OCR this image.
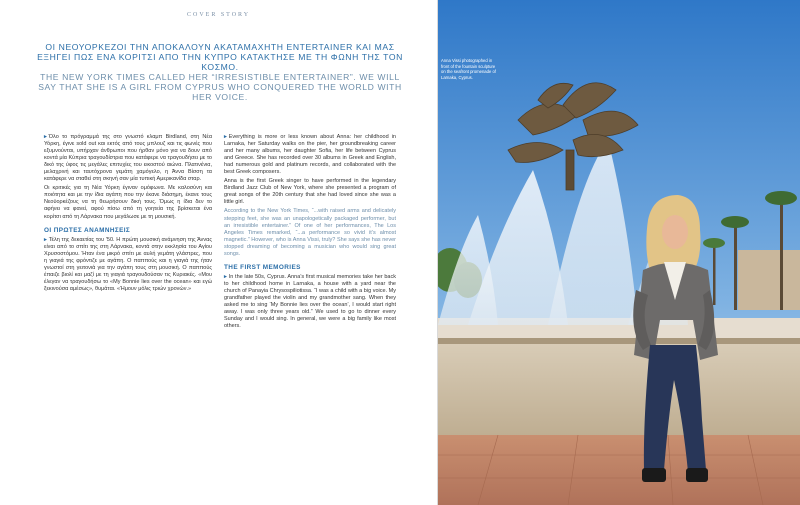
COVER STORY
ΟΙ ΝΕΟΥΟΡΚΕΖΟΙ ΤΗΝ ΑΠΟΚΑΛΟΥΝ ΑΚΑΤΑΜΑΧΗΤΗ ENTERTAINER ΚΑΙ ΜΑΣ ΕΞΗΓΕΙ ΠΩΣ ΕΝΑ ΚΟΡΙΤΣΙ ΑΠΟ ΤΗΝ ΚΥΠΡΟ ΚΑΤΑΚΤΗΣΕ ΜΕ ΤΗ ΦΩΝΗ ΤΗΣ ΤΟΝ ΚΟΣΜΟ.
THE NEW YORK TIMES CALLED HER “IRRESISTIBLE ENTERTAINER”. WE WILL SAY THAT SHE IS A GIRL FROM CYPRUS WHO CONQUERED THE WORLD WITH HER VOICE.

▸ Όλο το πρόγραμμά της στο γνωστό κλαμπ Birdland, στη Νέα Υόρκη, έγινε sold out και εκτός από τους μπλουζ και τις φωνές που εξυμνούνται, υπήρχαν άνθρωποι που ήρθαν μόνο για να δουν από κοντά μία Κύπρια τραγουδίστρια που κατάφερε να τραγουδήσει με το δικό της ύφος τις μεγάλες επιτυχίες του εικοστού αιώνα. Πλατινένια, μελαχρινή και ταυτόχρονα γεμάτη χαμόγελο, η Άννα Βίσση τα κατάφερε να σταθεί στη σκηνή σαν μία τυπική Αμερικανίδα σταρ.

Οι κριτικές για τη Νέα Υόρκη έγιναν ομόφωνα. Με καλοσύνη και ποιότητα και με την ίδια αγάπη που την έκανε διάσημη, έκανε τους Νεοϋορκέζους να τη θεωρήσουν δική τους. Όμως η ίδια δεν το αφήνει να φανεί, αφού πίσω από τη γοητεία της βρίσκεται ένα κορίτσι από τη Λάρνακα που μεγάλωσε με τη μουσική.

ΟΙ ΠΡΩΤΕΣ ΑΝΑΜΝΗΣΕΙΣ

▸ Τέλη της δεκαετίας του '50. Η πρώτη μουσική ανάμνηση της Άννας είναι από το σπίτι της στη Λάρνακα, κοντά στην εκκλησία του Αγίου Χρυσοστόμου. Ήταν ένα μικρό σπίτι με αυλή γεμάτη γλάστρες, που η γιαγιά της φρόντιζε με αγάπη. Ο παππούς και η γιαγιά της ήταν γνωστοί στη γειτονιά για την αγάπη τους στη μουσική. Ο παππούς έπαιζε βιολί και μαζί με τη γιαγιά τραγουδούσαν τις Κυριακές. «Μου έλεγαν να τραγουδήσω το «My Bonnie lies over the ocean» και εγώ ξεκινούσα αμέσως», θυμάται. «Ήμουν μόλις τριών χρονών.»

▸ Everything is more or less known about Anna: her childhood in Larnaka, her Saturday walks on the pier, her groundbreaking career and her many albums, her daughter Sofia, her life between Cyprus and Greece. She has recorded over 30 albums in Greek and English, had numerous gold and platinum records, and collaborated with the best Greek composers.

Anna is the first Greek singer to have performed in the legendary Birdland Jazz Club of New York, where she presented a program of great songs of the 20th century that she had loved since she was a little girl.

According to the New York Times, “...with raised arms and delicately stepping feet, she was an unapologetically packaged performer, but an irresistible entertainer.” Of one of her performances, The Los Angeles Times remarked, “...a performance so vivid it’s almost magnetic.” However, who is Anna Vissi, truly? She says she has never stopped dreaming of becoming a musician who would sing great songs.

THE FIRST MEMORIES

▸ In the late 50s, Cyprus. Anna’s first musical memories take her back to her childhood home in Larnaka, a house with a yard near the church of Panayia Chrysospiliotissa. “I was a child with a big voice. My grandfather played the violin and my grandmother sang. When they asked me to sing ‘My Bonnie lies over the ocean’, I would start right away. I was only three years old.” We used to go to dinner every Sunday and I would sing. In general, we were a big family like most others.

Anna Vissi photographed in front of the fountain sculpture on the seafront promenade of Larnaka, Cyprus.
